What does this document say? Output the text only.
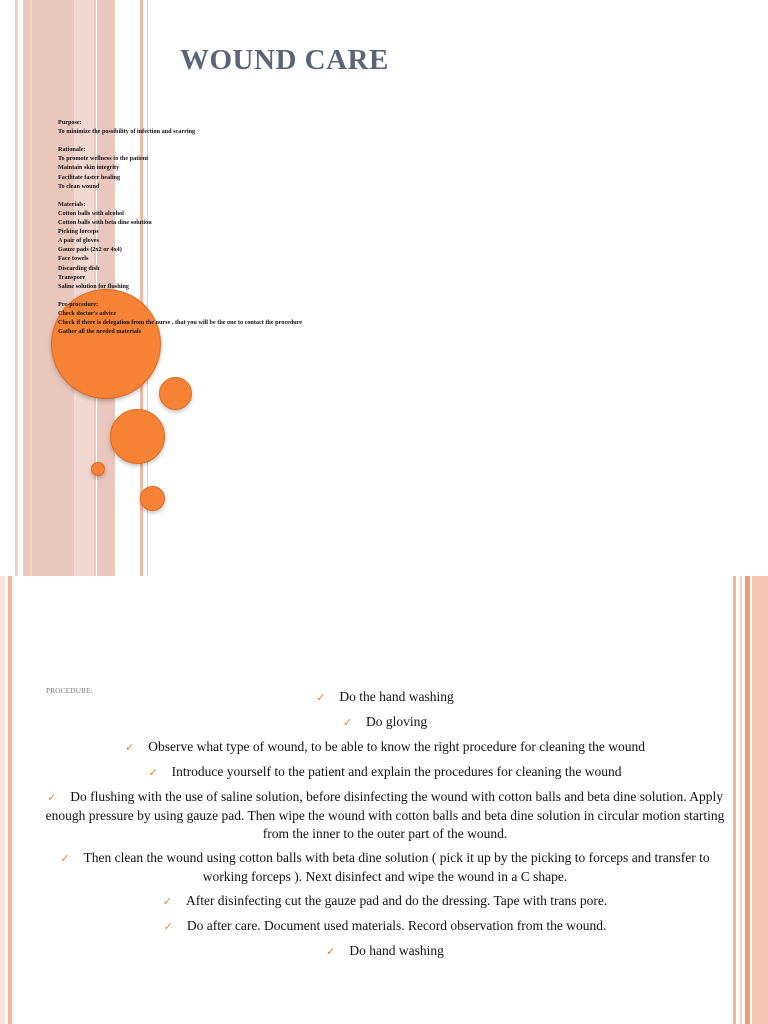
WOUND CARE
Purpose:
To minimize the possibility of infection and scarring
Rationale:
To promote wellness to the patient
Maintain skin integrity
Facilitate faster healing
To clean wound
Materials:
Cotton balls with alcohol
Cotton balls with beta dine solution
Picking forceps
A pair of gloves
Gauze pads (2x2 or 4x4)
Face towels
Discarding dish
Transpore
Saline solution for flushing
Pre-procedure:
Check doctor's advice
Check if there is delegation from the nurse , that you will be the one to contact the procedure
Gather all the needed materials
PROCEDURE:
✓ Do the hand washing
✓ Do gloving
✓ Observe what type of wound, to be able to know the right procedure for cleaning the wound
✓ Introduce yourself to the patient and explain the procedures for cleaning the wound
✓ Do flushing with the use of saline solution, before disinfecting the wound with cotton balls and beta dine solution. Apply enough pressure by using gauze pad. Then wipe the wound with cotton balls and beta dine solution in circular motion starting from the inner to the outer part of the wound.
✓ Then clean the wound using cotton balls with beta dine solution ( pick it up by the picking to forceps and transfer to working forceps ). Next disinfect and wipe the wound in a C shape.
✓ After disinfecting cut the gauze pad and do the dressing. Tape with trans pore.
✓ Do after care. Document used materials. Record observation from the wound.
✓ Do hand washing
